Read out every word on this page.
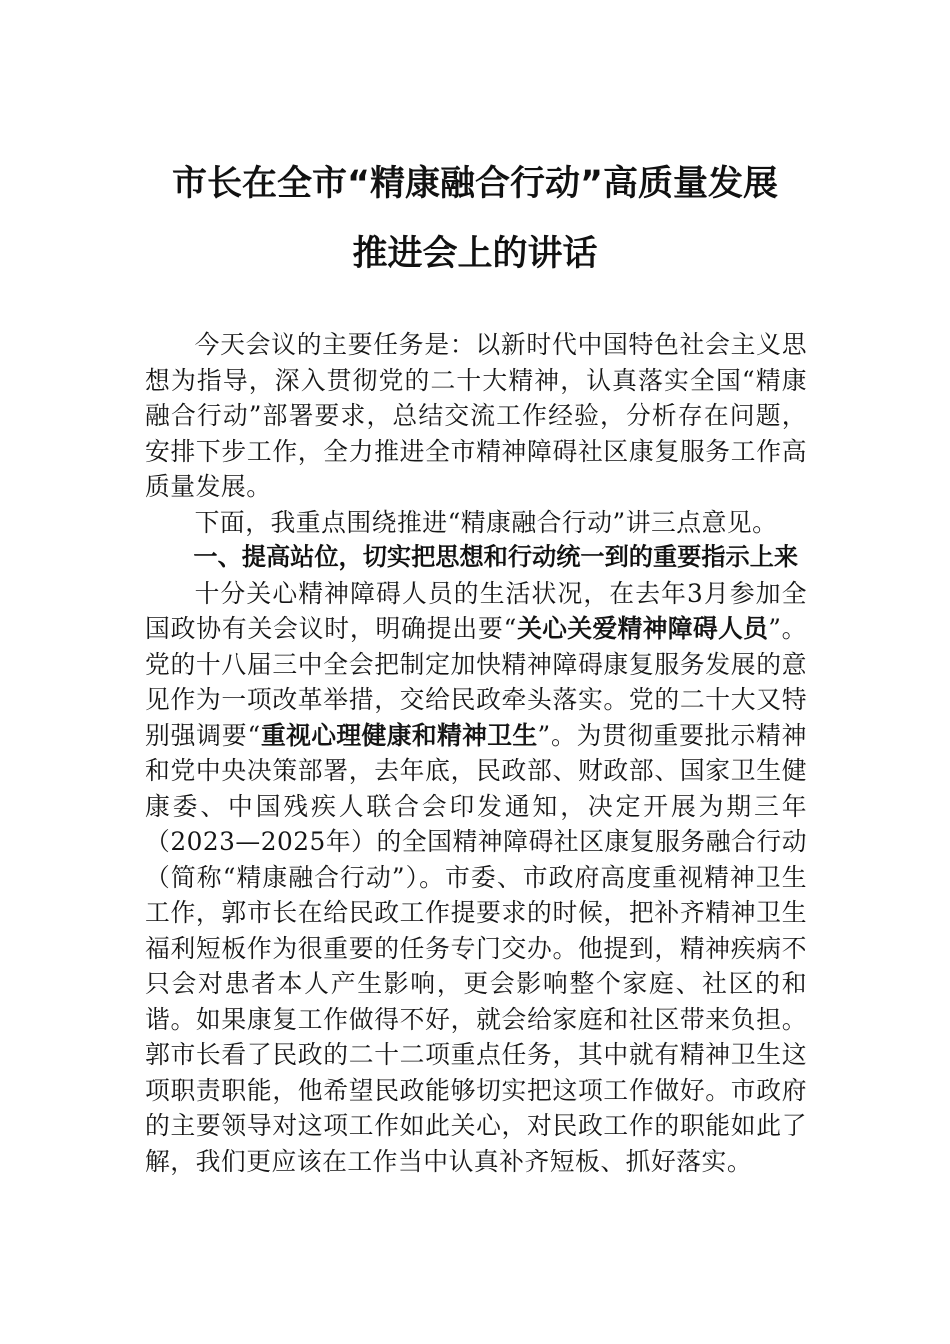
市长在全市“精康融合行动”高质量发展
推进会上的讲话

今天会议的主要任务是：以新时代中国特色社会主义思想为指导，深入贯彻党的二十大精神，认真落实全国“精康融合行动”部署要求，总结交流工作经验，分析存在问题，安排下步工作，全力推进全市精神障碍社区康复服务工作高质量发展。

下面，我重点围绕推进“精康融合行动”讲三点意见。

一、提高站位，切实把思想和行动统一到的重要指示上来

十分关心精神障碍人员的生活状况，在去年3月参加全国政协有关会议时，明确提出要“关心关爱精神障碍人员”。党的十八届三中全会把制定加快精神障碍康复服务发展的意见作为一项改革举措，交给民政牵头落实。党的二十大又特别强调要“重视心理健康和精神卫生”。为贯彻重要批示精神和党中央决策部署，去年底，民政部、财政部、国家卫生健康委、中国残疾人联合会印发通知，决定开展为期三年（2023—2025年）的全国精神障碍社区康复服务融合行动（简称“精康融合行动”）。市委、市政府高度重视精神卫生工作，郭市长在给民政工作提要求的时候，把补齐精神卫生福利短板作为很重要的任务专门交办。他提到，精神疾病不只会对患者本人产生影响，更会影响整个家庭、社区的和谐。如果康复工作做得不好，就会给家庭和社区带来负担。郭市长看了民政的二十二项重点任务，其中就有精神卫生这项职责职能，他希望民政能够切实把这项工作做好。市政府的主要领导对这项工作如此关心，对民政工作的职能如此了解，我们更应该在工作当中认真补齐短板、抓好落实。
